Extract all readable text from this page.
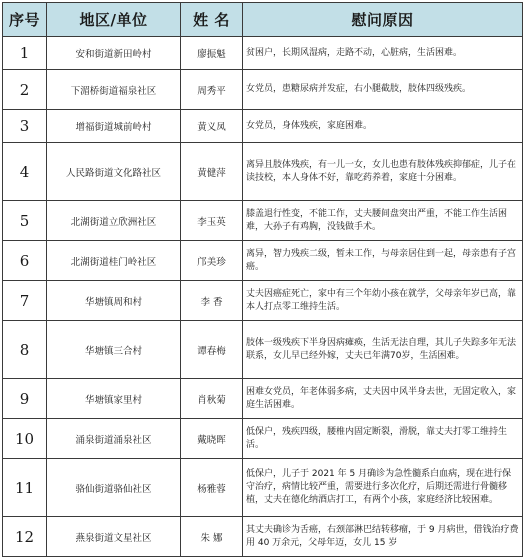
序号	地区/单位	姓 名	慰问原因
1	安和街道新田岭村	廖振魁	贫困户，长期风湿病，走路不动，心脏病，生活困难。
2	下湄桥街道福泉社区	周秀平	女党员，患糖尿病并发症，右小腿截肢，肢体四级残疾。
3	增福街道城前岭村	黄义凤	女党员，身体残疾，家庭困难。
4	人民路街道文化路社区	黄健萍	离异且肢体残疾，有一儿一女，女儿也患有肢体残疾抑郁症，儿子在读技校，本人身体不好，靠吃药养着，家庭十分困难。
5	北湖街道立欣洲社区	李玉英	膝盖退行性变，不能工作，丈夫腰间盘突出严重，不能工作生活困难，大孙子有鸡胸，没钱做手术。
6	北湖街道桂门岭社区	邝美珍	离异，智力残疾二级，暂未工作，与母亲居住到一起，母亲患有子宫癌。
7	华塘镇周和村	李 香	丈夫因癌症死亡，家中有三个年幼小孩在就学，父母亲年岁已高，靠本人打点零工维持生活。
8	华塘镇三合村	谭春梅	肢体一级残疾下半身因病瘫痪，生活无法自理，其儿子失踪多年无法联系，女儿早已经外嫁，丈夫已年满70岁，生活困难。
9	华塘镇家里村	肖秋菊	困难女党员，年老体弱多病，丈夫因中风半身去世，无固定收入，家庭生活困难。
10	涌泉街道涌泉社区	戴晓晖	低保户，残疾四级，腰椎内固定断裂，滑脱，靠丈夫打零工维持生活。
11	骆仙街道骆仙社区	杨雅蓉	低保户，儿子于 2021 年 5 月确诊为急性髓系白血病，现在进行保守治疗，病情比较严重，需要进行多次化疗，后期还需进行骨髓移植，丈夫在德化纳酒店打工，有两个小孩，家庭经济比较困难。
12	燕泉街道文星社区	朱 娜	其丈夫确诊为舌癌，右颈部淋巴结转移瘤，于 9 月病世，借钱治疗费用 40 万余元，父母年迈，女儿 15 岁
